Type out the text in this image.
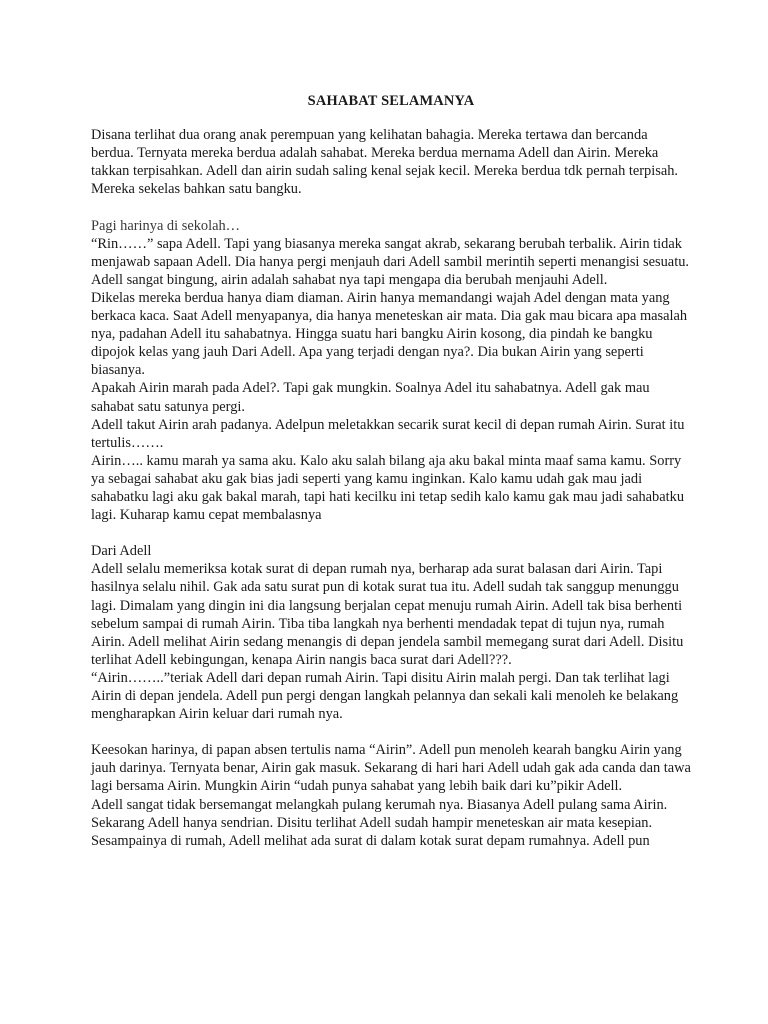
SAHABAT SELAMANYA

Disana terlihat dua orang anak perempuan yang kelihatan bahagia. Mereka tertawa dan bercanda berdua. Ternyata mereka berdua adalah sahabat. Mereka berdua mernama Adell dan Airin. Mereka takkan terpisahkan. Adell dan airin sudah saling kenal sejak kecil. Mereka berdua tdk pernah terpisah. Mereka sekelas bahkan satu bangku.

Pagi harinya di sekolah…

“Rin……” sapa Adell. Tapi yang biasanya mereka sangat akrab, sekarang berubah terbalik. Airin tidak menjawab sapaan Adell. Dia hanya pergi menjauh dari Adell sambil merintih seperti menangisi sesuatu. Adell sangat bingung, airin adalah sahabat nya tapi mengapa dia berubah menjauhi Adell.

Dikelas mereka berdua hanya diam diaman. Airin hanya memandangi wajah Adel dengan mata yang berkaca kaca. Saat Adell menyapanya, dia hanya meneteskan air mata. Dia gak mau bicara apa masalah nya, padahan Adell itu sahabatnya. Hingga suatu hari bangku Airin kosong, dia pindah ke bangku dipojok kelas yang jauh Dari Adell. Apa yang terjadi dengan nya?. Dia bukan Airin yang seperti biasanya.

Apakah Airin marah pada Adel?. Tapi gak mungkin. Soalnya Adel itu sahabatnya. Adell gak mau sahabat satu satunya pergi.

Adell takut Airin arah padanya. Adelpun meletakkan secarik surat kecil di depan rumah Airin. Surat itu tertulis…….

Airin….. kamu marah ya sama aku. Kalo aku salah bilang aja aku bakal minta maaf sama kamu. Sorry ya sebagai sahabat aku gak bias jadi seperti yang kamu inginkan. Kalo kamu udah gak mau jadi sahabatku lagi aku gak bakal marah, tapi hati kecilku ini tetap sedih kalo kamu gak mau jadi sahabatku lagi. Kuharap kamu cepat membalasnya

Dari Adell

Adell selalu memeriksa kotak surat di depan rumah nya, berharap ada surat balasan dari Airin. Tapi hasilnya selalu nihil. Gak ada satu surat pun di kotak surat tua itu. Adell sudah tak sanggup menunggu lagi. Dimalam yang dingin ini dia langsung berjalan cepat menuju rumah Airin. Adell tak bisa berhenti sebelum sampai di rumah Airin. Tiba tiba langkah nya berhenti mendadak tepat di tujun nya, rumah Airin. Adell melihat Airin sedang menangis di depan jendela sambil memegang surat dari Adell. Disitu terlihat Adell kebingungan, kenapa Airin nangis baca surat dari Adell???.

“Airin……..”teriak Adell dari depan rumah Airin. Tapi disitu Airin malah pergi. Dan tak terlihat lagi Airin di depan jendela. Adell pun pergi dengan langkah pelannya dan sekali kali menoleh ke belakang mengharapkan Airin keluar dari rumah nya.

Keesokan harinya, di papan absen tertulis nama “Airin”. Adell pun menoleh kearah bangku Airin yang jauh darinya. Ternyata benar, Airin gak masuk. Sekarang di hari hari Adell udah gak ada canda dan tawa lagi bersama Airin. Mungkin Airin “udah punya sahabat yang lebih baik dari ku”pikir Adell.

Adell sangat tidak bersemangat melangkah pulang kerumah nya. Biasanya Adell pulang sama Airin. Sekarang Adell hanya sendrian. Disitu terlihat Adell sudah hampir meneteskan air mata kesepian.

Sesampainya di rumah, Adell melihat ada surat di dalam kotak surat depam rumahnya. Adell pun
